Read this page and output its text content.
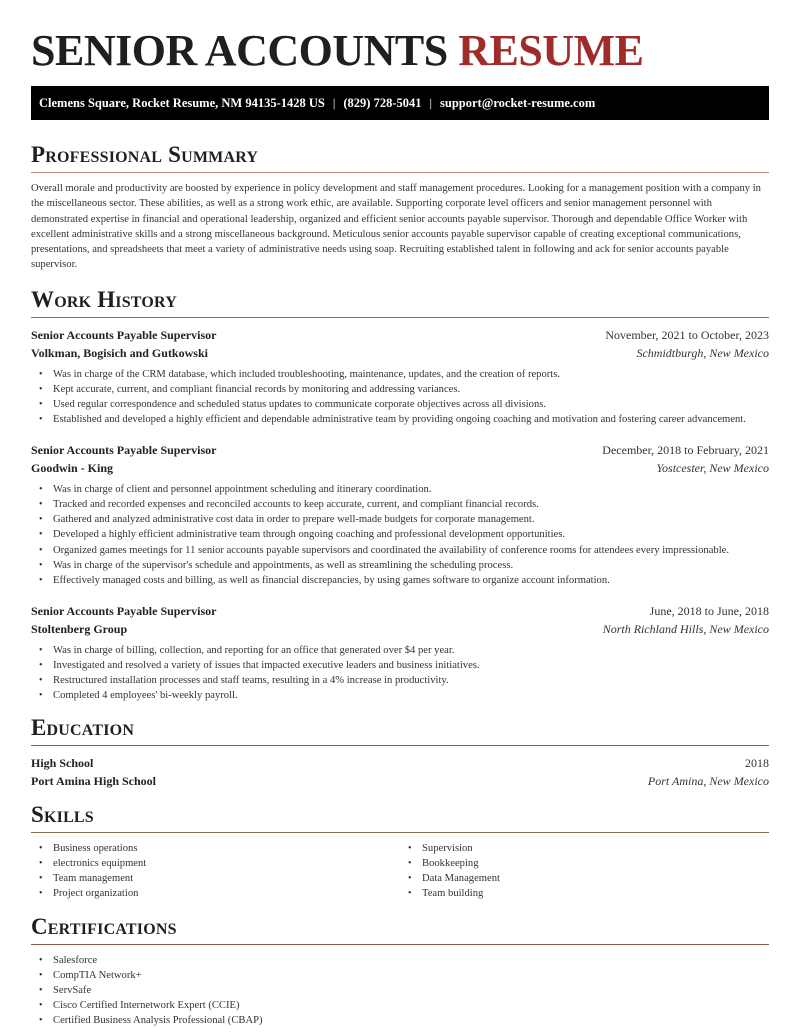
SENIOR ACCOUNTS RESUME
Clemens Square, Rocket Resume, NM 94135-1428 US | (829) 728-5041 | support@rocket-resume.com
Professional Summary

Overall morale and productivity are boosted by experience in policy development and staff management procedures. Looking for a management position with a company in the miscellaneous sector. These abilities, as well as a strong work ethic, are available. Supporting corporate level officers and senior management personnel with demonstrated expertise in financial and operational leadership, organized and efficient senior accounts payable supervisor. Thorough and dependable Office Worker with excellent administrative skills and a strong miscellaneous background. Meticulous senior accounts payable supervisor capable of creating exceptional communications, presentations, and spreadsheets that meet a variety of administrative needs using soap. Recruiting established talent in following and ack for senior accounts payable supervisor.

Work History
Senior Accounts Payable Supervisor	November, 2021 to October, 2023
Volkman, Bogisich and Gutkowski	Schmidtburgh, New Mexico
• Was in charge of the CRM database, which included troubleshooting, maintenance, updates, and the creation of reports.
• Kept accurate, current, and compliant financial records by monitoring and addressing variances.
• Used regular correspondence and scheduled status updates to communicate corporate objectives across all divisions.
• Established and developed a highly efficient and dependable administrative team by providing ongoing coaching and motivation and fostering career advancement.
Senior Accounts Payable Supervisor	December, 2018 to February, 2021
Goodwin - King	Yostcester, New Mexico
• Was in charge of client and personnel appointment scheduling and itinerary coordination.
• Tracked and recorded expenses and reconciled accounts to keep accurate, current, and compliant financial records.
• Gathered and analyzed administrative cost data in order to prepare well-made budgets for corporate management.
• Developed a highly efficient administrative team through ongoing coaching and professional development opportunities.
• Organized games meetings for 11 senior accounts payable supervisors and coordinated the availability of conference rooms for attendees every impressionable.
• Was in charge of the supervisor's schedule and appointments, as well as streamlining the scheduling process.
• Effectively managed costs and billing, as well as financial discrepancies, by using games software to organize account information.
Senior Accounts Payable Supervisor	June, 2018 to June, 2018
Stoltenberg Group	North Richland Hills, New Mexico
• Was in charge of billing, collection, and reporting for an office that generated over $4 per year.
• Investigated and resolved a variety of issues that impacted executive leaders and business initiatives.
• Restructured installation processes and staff teams, resulting in a 4% increase in productivity.
• Completed 4 employees' bi-weekly payroll.
Education
High School	2018
Port Amina High School	Port Amina, New Mexico
Skills
• Business operations
• electronics equipment
• Team management
• Project organization
• Supervision
• Bookkeeping
• Data Management
• Team building
Certifications
• Salesforce
• CompTIA Network+
• ServSafe
• Cisco Certified Internetwork Expert (CCIE)
• Certified Business Analysis Professional (CBAP)
